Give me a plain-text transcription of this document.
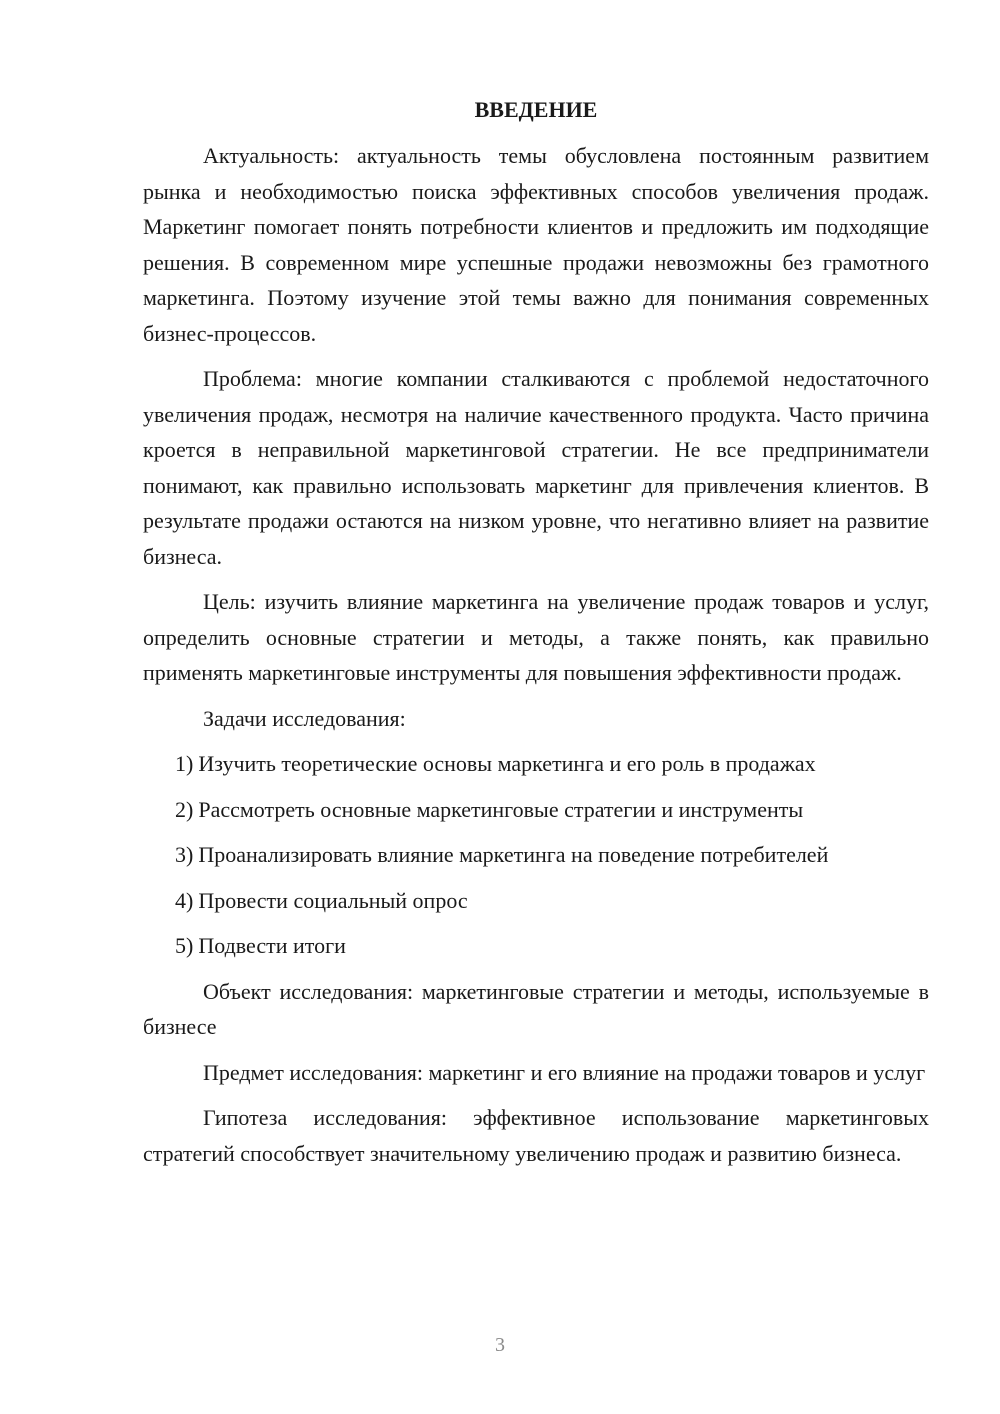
ВВЕДЕНИЕ

Актуальность: актуальность темы обусловлена постоянным развитием рынка и необходимостью поиска эффективных способов увеличения продаж. Маркетинг помогает понять потребности клиентов и предложить им подходящие решения. В современном мире успешные продажи невозможны без грамотного маркетинга. Поэтому изучение этой темы важно для понимания современных бизнес-процессов.

Проблема: многие компании сталкиваются с проблемой недостаточного увеличения продаж, несмотря на наличие качественного продукта. Часто причина кроется в неправильной маркетинговой стратегии. Не все предприниматели понимают, как правильно использовать маркетинг для привлечения клиентов. В результате продажи остаются на низком уровне, что негативно влияет на развитие бизнеса.

Цель: изучить влияние маркетинга на увеличение продаж товаров и услуг, определить основные стратегии и методы, а также понять, как правильно применять маркетинговые инструменты для повышения эффективности продаж.

Задачи исследования:

1) Изучить теоретические основы маркетинга и его роль в продажах
2) Рассмотреть основные маркетинговые стратегии и инструменты
3) Проанализировать влияние маркетинга на поведение потребителей
4) Провести социальный опрос
5) Подвести итоги

Объект исследования: маркетинговые стратегии и методы, используемые в бизнесе

Предмет исследования: маркетинг и его влияние на продажи товаров и услуг

Гипотеза исследования: эффективное использование маркетинговых стратегий способствует значительному увеличению продаж и развитию бизнеса.

3
